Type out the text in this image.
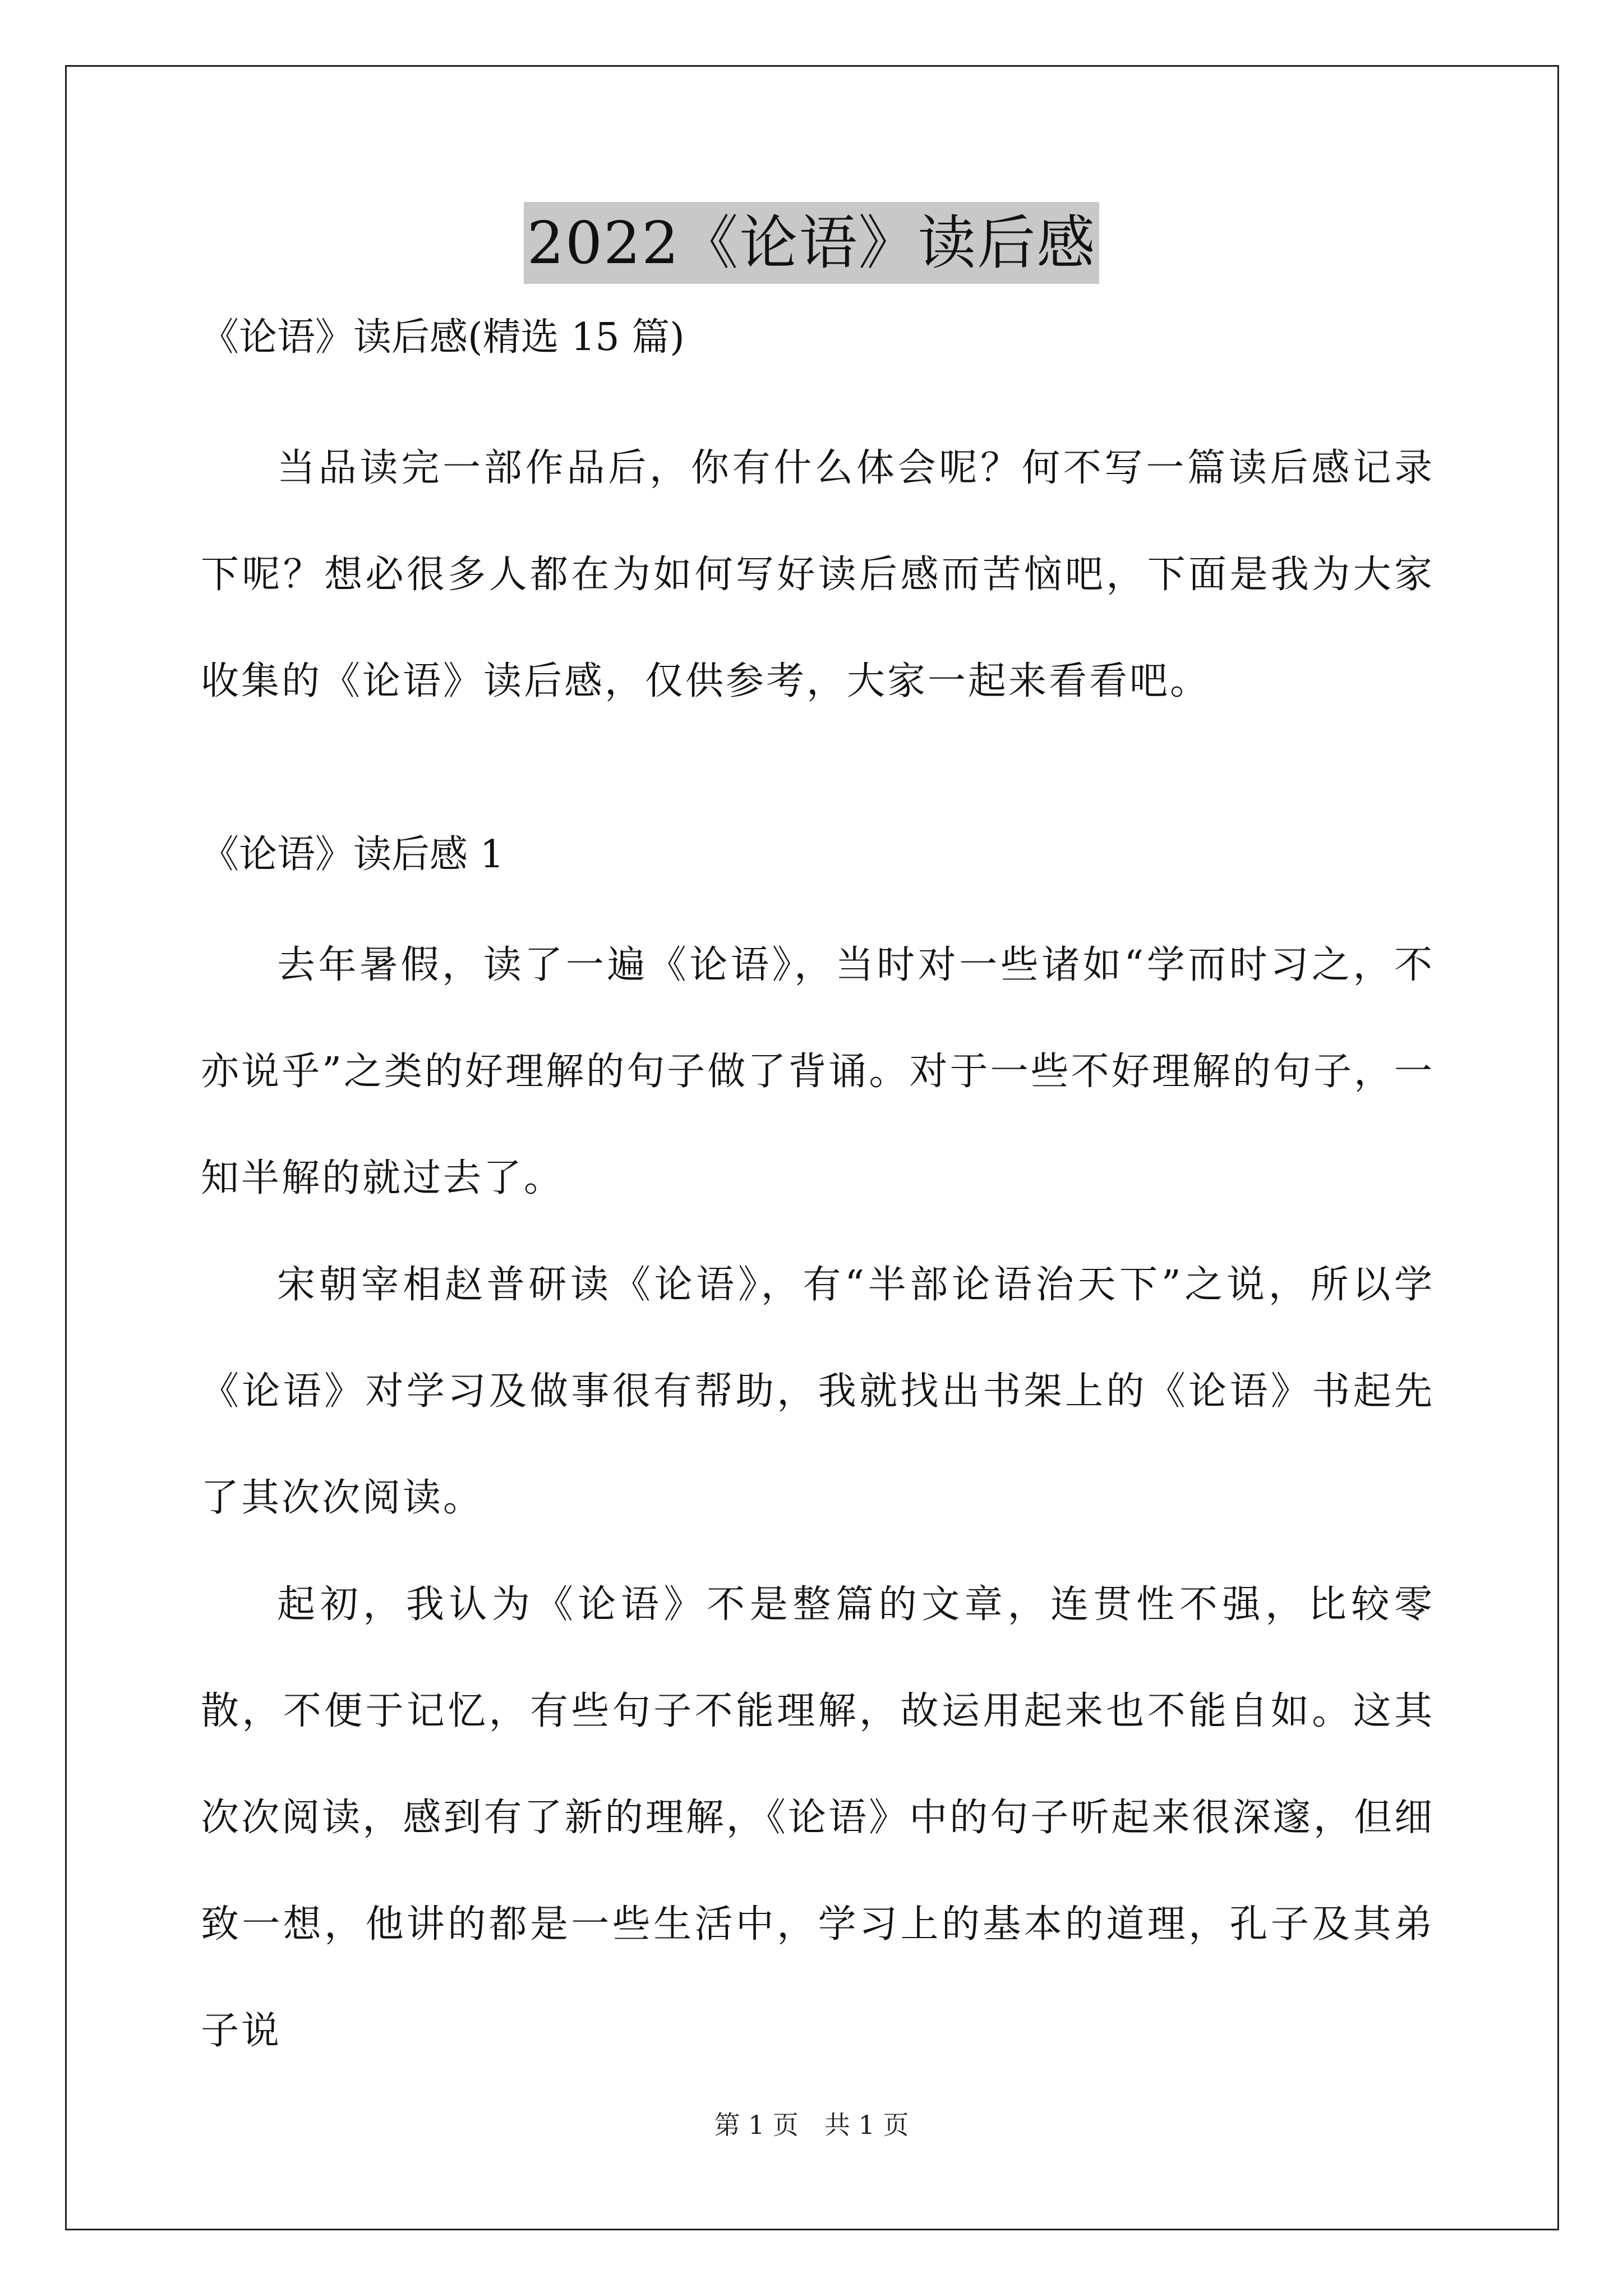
2022《论语》读后感

《论语》读后感(精选 15 篇)

当品读完一部作品后，你有什么体会呢？何不写一篇读后感记录下呢？想必很多人都在为如何写好读后感而苦恼吧，下面是我为大家收集的《论语》读后感，仅供参考，大家一起来看看吧。

《论语》读后感 1

去年暑假，读了一遍《论语》，当时对一些诸如“学而时习之，不亦说乎”之类的好理解的句子做了背诵。对于一些不好理解的句子，一知半解的就过去了。

宋朝宰相赵普研读《论语》，有“半部论语治天下”之说，所以学《论语》对学习及做事很有帮助，我就找出书架上的《论语》书起先了其次次阅读。

起初，我认为《论语》不是整篇的文章，连贯性不强，比较零散，不便于记忆，有些句子不能理解，故运用起来也不能自如。这其次次阅读，感到有了新的理解，《论语》中的句子听起来很深邃，但细致一想，他讲的都是一些生活中，学习上的基本的道理，孔子及其弟子说

第 1 页　共 1 页
